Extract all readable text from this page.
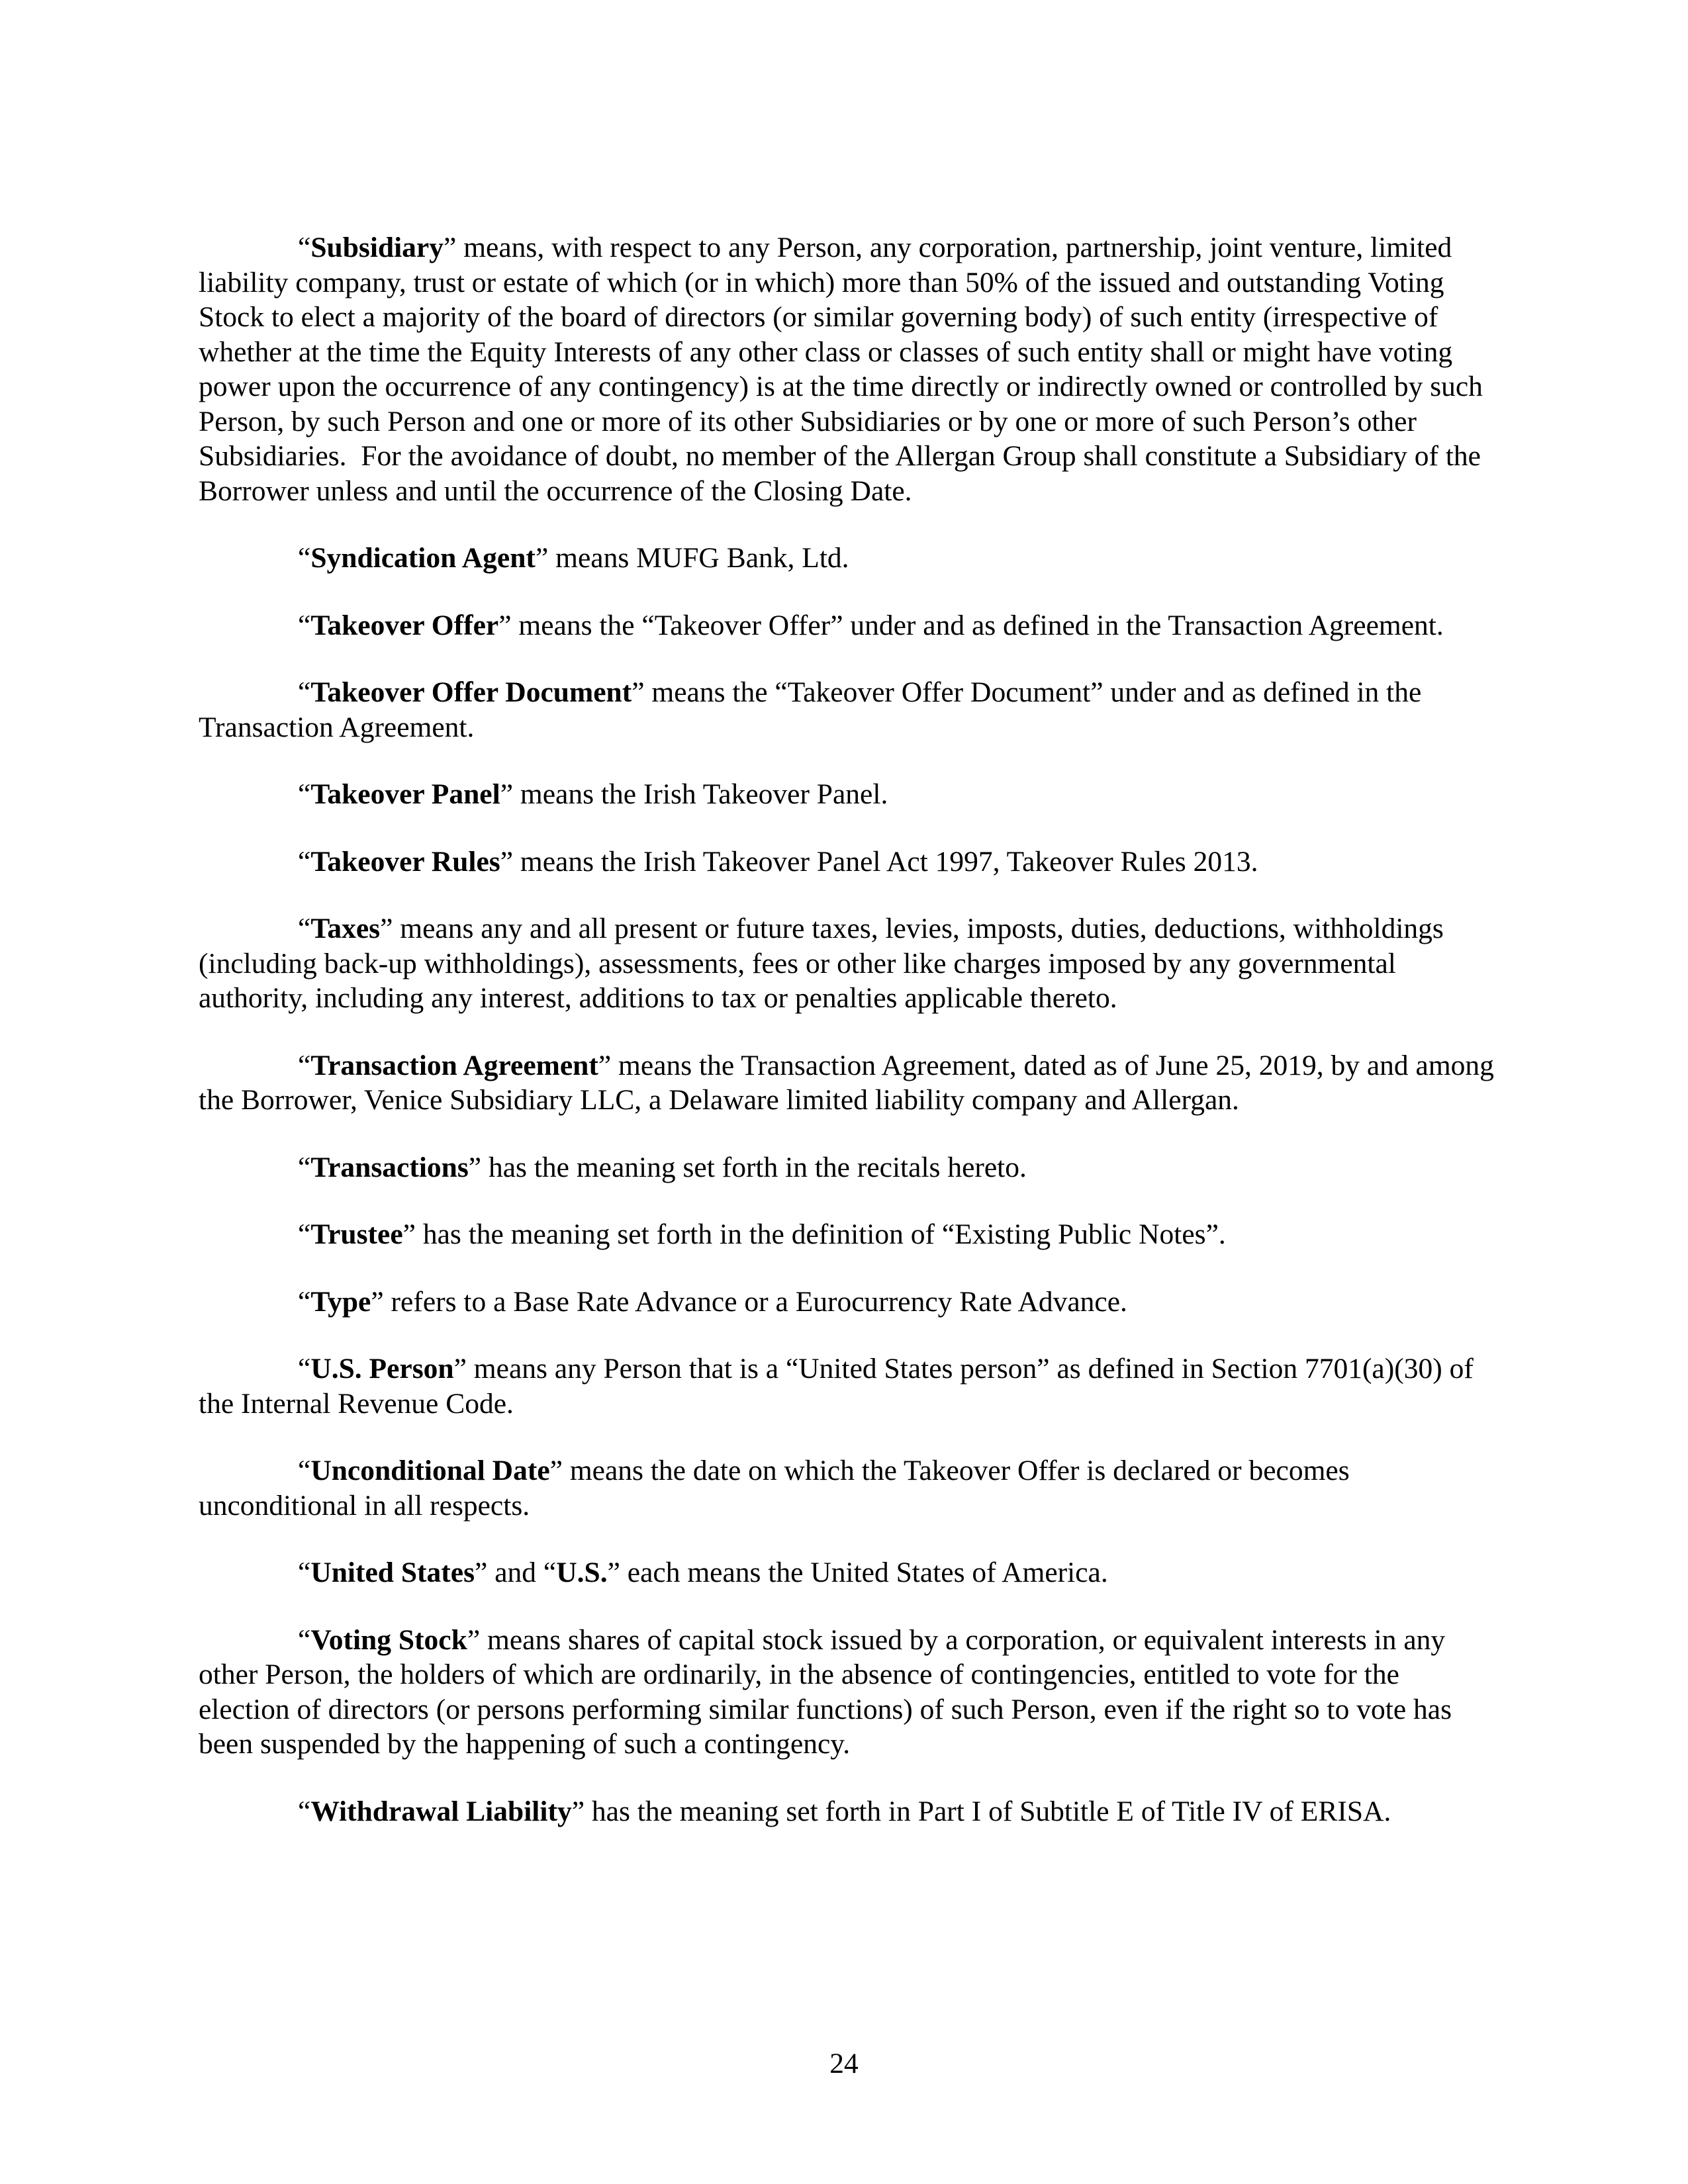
“Subsidiary” means, with respect to any Person, any corporation, partnership, joint venture, limited liability company, trust or estate of which (or in which) more than 50% of the issued and outstanding Voting Stock to elect a majority of the board of directors (or similar governing body) of such entity (irrespective of whether at the time the Equity Interests of any other class or classes of such entity shall or might have voting power upon the occurrence of any contingency) is at the time directly or indirectly owned or controlled by such Person, by such Person and one or more of its other Subsidiaries or by one or more of such Person’s other Subsidiaries.  For the avoidance of doubt, no member of the Allergan Group shall constitute a Subsidiary of the Borrower unless and until the occurrence of the Closing Date.

“Syndication Agent” means MUFG Bank, Ltd.

“Takeover Offer” means the “Takeover Offer” under and as defined in the Transaction Agreement.

“Takeover Offer Document” means the “Takeover Offer Document” under and as defined in the Transaction Agreement.

“Takeover Panel” means the Irish Takeover Panel.

“Takeover Rules” means the Irish Takeover Panel Act 1997, Takeover Rules 2013.

“Taxes” means any and all present or future taxes, levies, imposts, duties, deductions, withholdings (including back-up withholdings), assessments, fees or other like charges imposed by any governmental authority, including any interest, additions to tax or penalties applicable thereto.

“Transaction Agreement” means the Transaction Agreement, dated as of June 25, 2019, by and among the Borrower, Venice Subsidiary LLC, a Delaware limited liability company and Allergan.

“Transactions” has the meaning set forth in the recitals hereto.

“Trustee” has the meaning set forth in the definition of “Existing Public Notes”.

“Type” refers to a Base Rate Advance or a Eurocurrency Rate Advance.

“U.S. Person” means any Person that is a “United States person” as defined in Section 7701(a)(30) of the Internal Revenue Code.

“Unconditional Date” means the date on which the Takeover Offer is declared or becomes unconditional in all respects.

“United States” and “U.S.” each means the United States of America.

“Voting Stock” means shares of capital stock issued by a corporation, or equivalent interests in any other Person, the holders of which are ordinarily, in the absence of contingencies, entitled to vote for the election of directors (or persons performing similar functions) of such Person, even if the right so to vote has been suspended by the happening of such a contingency.

“Withdrawal Liability” has the meaning set forth in Part I of Subtitle E of Title IV of ERISA.

24
